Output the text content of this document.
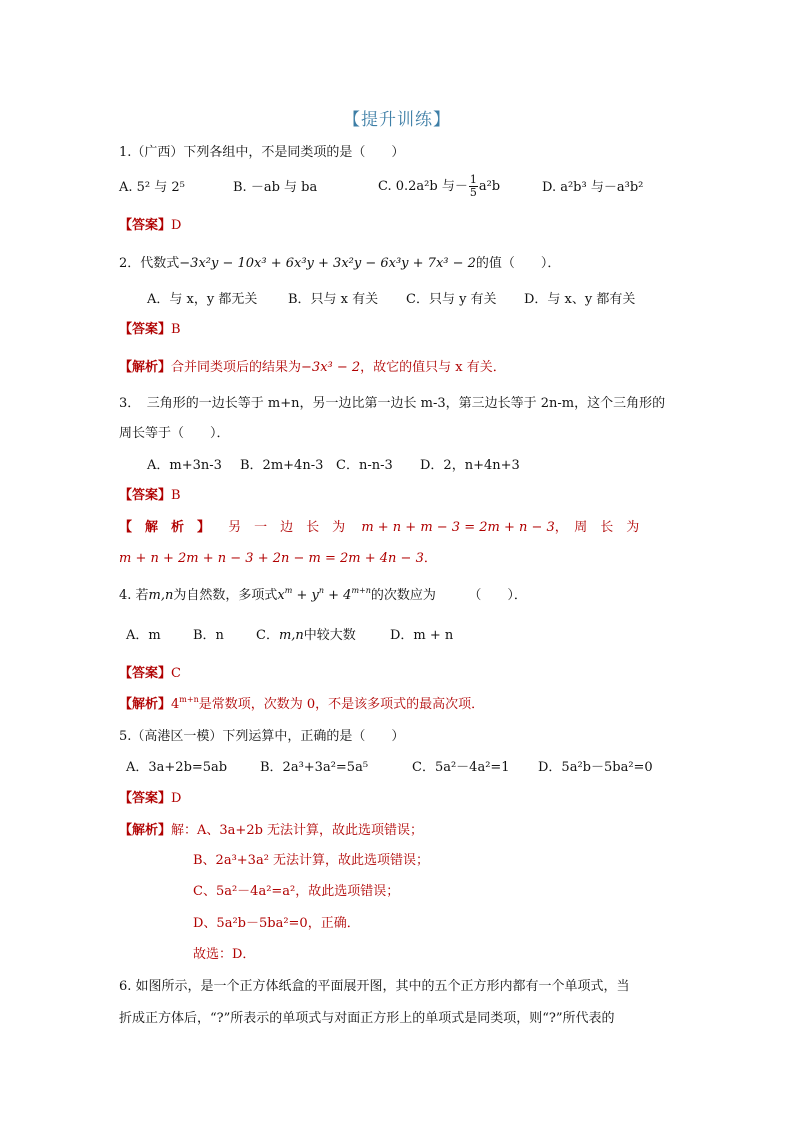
【提升训练】
1.（广西）下列各组中，不是同类项的是（　　）
A. 5² 与 2⁵	B. －ab 与 ba	C. 0.2a²b 与－ $\frac{1}{5} a^2b$	D. a²b³ 与－a³b²
【答案】D
2．代数式−3x²y − 10x³ + 6x³y + 3x²y − 6x³y + 7x³ − 2的值（　　）．
A．与 x，y 都无关 B．只与 x 有关 C．只与 y 有关 D．与 x、y 都有关
【答案】B
【解析】合并同类项后的结果为−3x³ − 2，故它的值只与 x 有关．
3．　三角形的一边长等于 m+n，另一边比第一边长 m-3，第三边长等于 2n-m，这个三角形的
周长等于（　　）．
A．m+3n-3 B．2m+4n-3 C．n-n-3 D．2，n+4n+3
【答案】B
【　解　析　】 另　一　边　长　为 m + n + m − 3 = 2m + n − 3，　周　长　为
m + n + 2m + n − 3 + 2n − m = 2m + 4n − 3．
4. 若m,n为自然数，多项式$x^m + y^n + 4^{m+n}$的次数应为　　　（　　）．
A．m B．n C．m,n中较大数	D．m + n
【答案】C
【解析】$4^{m+n}$是常数项，次数为 0，不是该多项式的最高次项．
5.（高港区一模）下列运算中，正确的是（　　）
A．3a+2b=5ab	B．2a³+3a²=5a⁵	C．5a²－4a²=1 D．5a²b－5ba²=0
【答案】D
【解析】解：A、3a+2b 无法计算，故此选项错误；
B、2a³+3a² 无法计算，故此选项错误；
C、5a²－4a²=a²，故此选项错误；
D、5a²b－5ba²=0，正确．
故选：D．
6. 如图所示，是一个正方体纸盒的平面展开图，其中的五个正方形内都有一个单项式，当
折成正方体后，“?”所表示的单项式与对面正方形上的单项式是同类项，则“?”所代表的
